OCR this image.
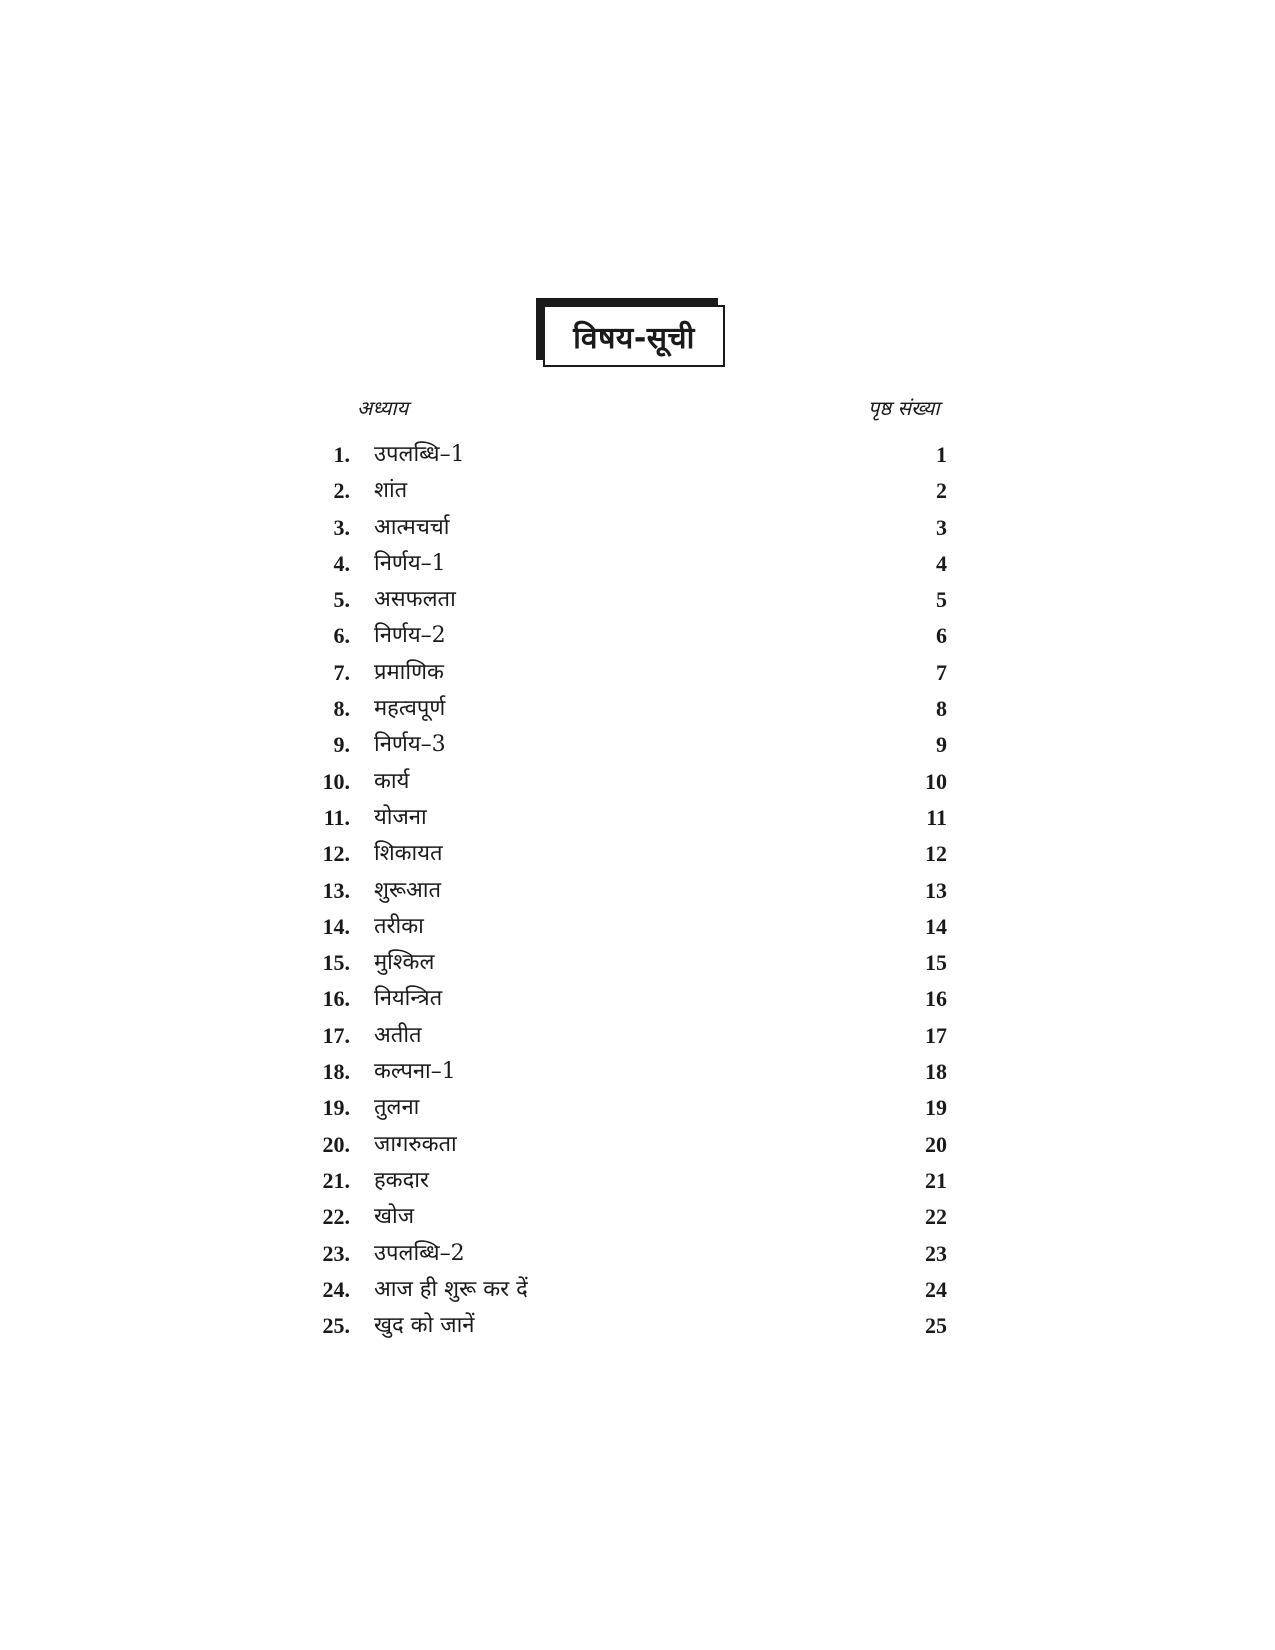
विषय-सूची
अध्याय	पृष्ठ संख्या
1. उपलब्धि–1	1
2. शांत	2
3. आत्मचर्चा	3
4. निर्णय–1	4
5. असफलता	5
6. निर्णय–2	6
7. प्रमाणिक	7
8. महत्वपूर्ण	8
9. निर्णय–3	9
10. कार्य	10
11. योजना	11
12. शिकायत	12
13. शुरूआत	13
14. तरीका	14
15. मुश्किल	15
16. नियन्त्रित	16
17. अतीत	17
18. कल्पना–1	18
19. तुलना	19
20. जागरुकता	20
21. हकदार	21
22. खोज	22
23. उपलब्धि–2	23
24. आज ही शुरू कर दें	24
25. खुद को जानें	25
